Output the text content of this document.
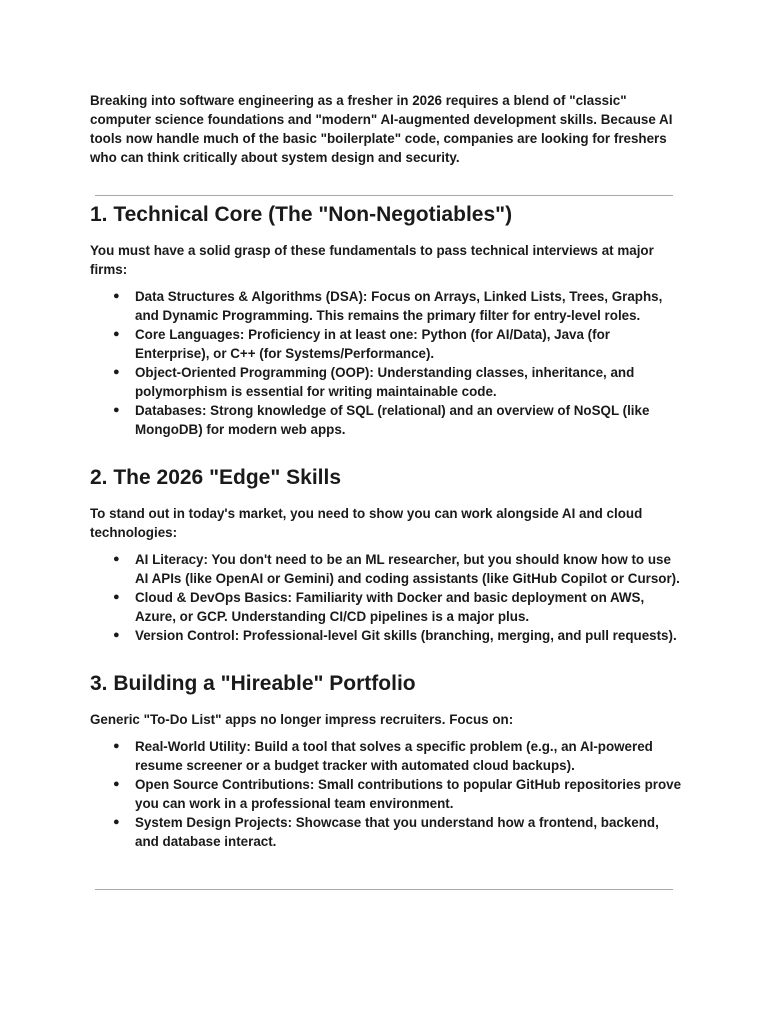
Breaking into software engineering as a fresher in 2026 requires a blend of "classic" computer science foundations and "modern" AI-augmented development skills. Because AI tools now handle much of the basic "boilerplate" code, companies are looking for freshers who can think critically about system design and security.

1. Technical Core (The "Non-Negotiables")

You must have a solid grasp of these fundamentals to pass technical interviews at major firms:

● Data Structures & Algorithms (DSA): Focus on Arrays, Linked Lists, Trees, Graphs, and Dynamic Programming. This remains the primary filter for entry-level roles.
● Core Languages: Proficiency in at least one: Python (for AI/Data), Java (for Enterprise), or C++ (for Systems/Performance).
● Object-Oriented Programming (OOP): Understanding classes, inheritance, and polymorphism is essential for writing maintainable code.
● Databases: Strong knowledge of SQL (relational) and an overview of NoSQL (like MongoDB) for modern web apps.
2. The 2026 "Edge" Skills

To stand out in today's market, you need to show you can work alongside AI and cloud technologies:

● AI Literacy: You don't need to be an ML researcher, but you should know how to use AI APIs (like OpenAI or Gemini) and coding assistants (like GitHub Copilot or Cursor).
● Cloud & DevOps Basics: Familiarity with Docker and basic deployment on AWS, Azure, or GCP. Understanding CI/CD pipelines is a major plus.
● Version Control: Professional-level Git skills (branching, merging, and pull requests).
3. Building a "Hireable" Portfolio

Generic "To-Do List" apps no longer impress recruiters. Focus on:

● Real-World Utility: Build a tool that solves a specific problem (e.g., an AI-powered resume screener or a budget tracker with automated cloud backups).
● Open Source Contributions: Small contributions to popular GitHub repositories prove you can work in a professional team environment.
● System Design Projects: Showcase that you understand how a frontend, backend, and database interact.
